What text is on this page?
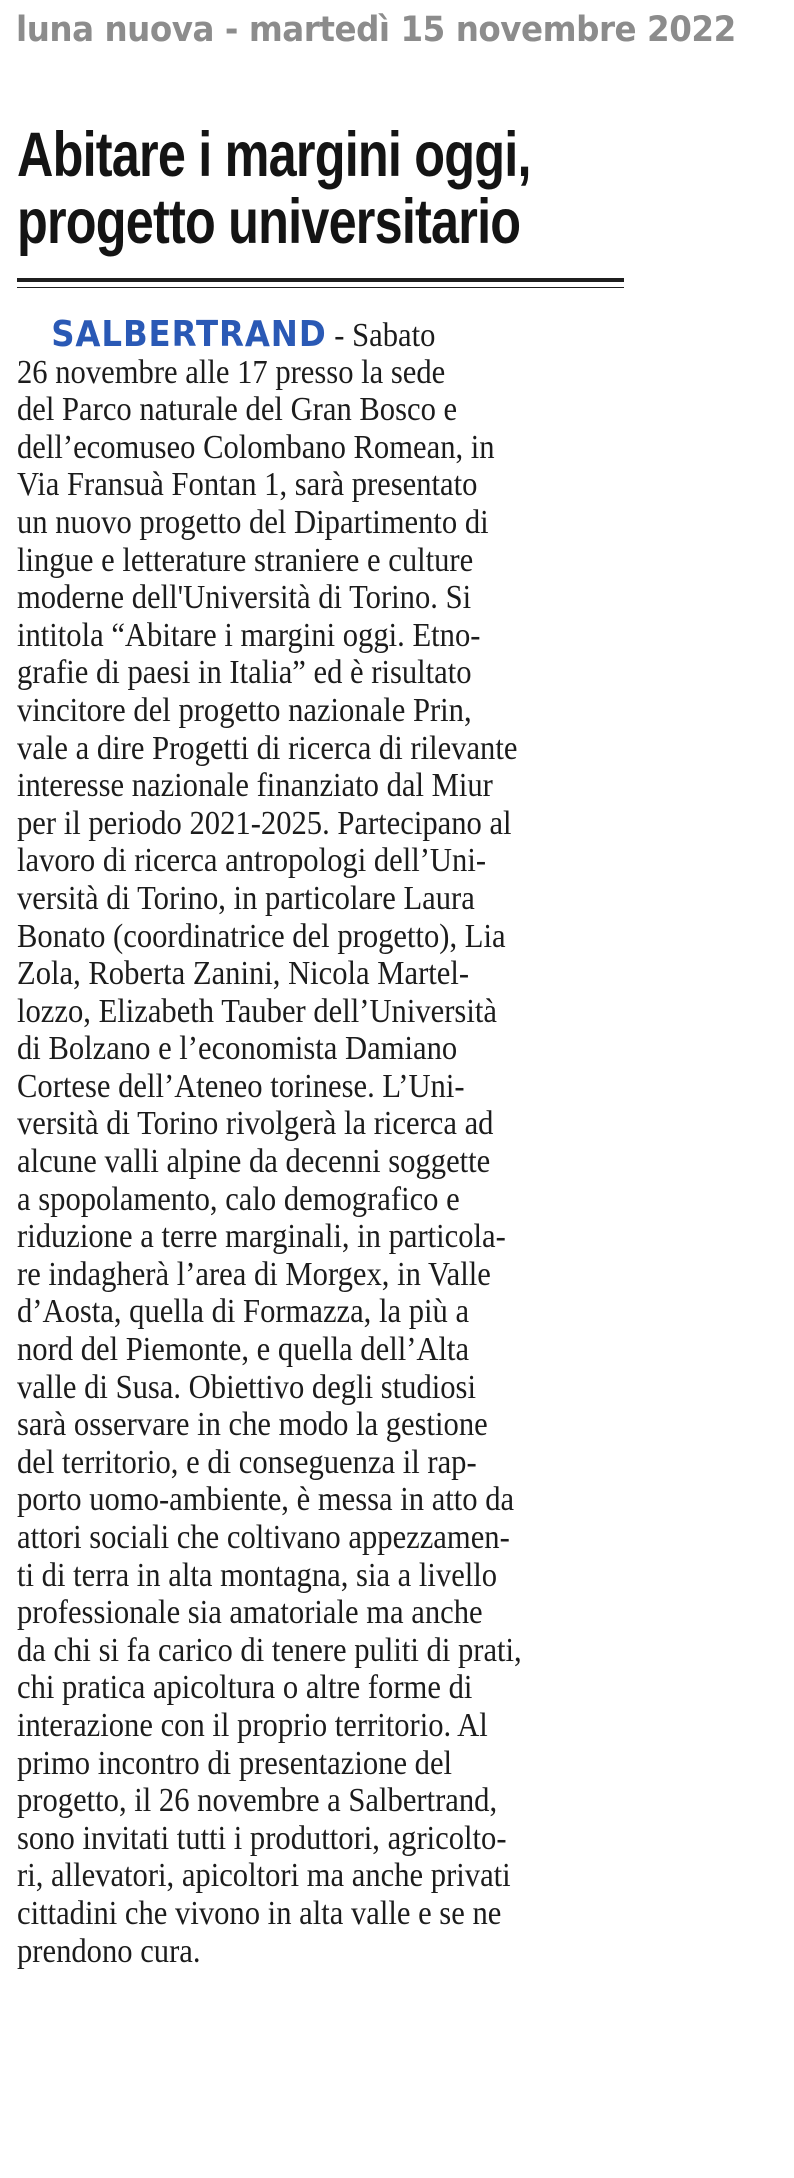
luna nuova - martedì 15 novembre 2022
Abitare i margini oggi,
progetto universitario
SALBERTRAND - Sabato
26 novembre alle 17 presso la sede
del Parco naturale del Gran Bosco e
dell’ecomuseo Colombano Romean, in
Via Fransuà Fontan 1, sarà presentato
un nuovo progetto del Dipartimento di
lingue e letterature straniere e culture
moderne dell'Università di Torino. Si
intitola “Abitare i margini oggi. Etno-
grafie di paesi in Italia” ed è risultato
vincitore del progetto nazionale Prin,
vale a dire Progetti di ricerca di rilevante
interesse nazionale finanziato dal Miur
per il periodo 2021-2025. Partecipano al
lavoro di ricerca antropologi dell’Uni-
versità di Torino, in particolare Laura
Bonato (coordinatrice del progetto), Lia
Zola, Roberta Zanini, Nicola Martel-
lozzo, Elizabeth Tauber dell’Università
di Bolzano e l’economista Damiano
Cortese dell’Ateneo torinese. L’Uni-
versità di Torino rivolgerà la ricerca ad
alcune valli alpine da decenni soggette
a spopolamento, calo demografico e
riduzione a terre marginali, in particola-
re indagherà l’area di Morgex, in Valle
d’Aosta, quella di Formazza, la più a
nord del Piemonte, e quella dell’Alta
valle di Susa. Obiettivo degli studiosi
sarà osservare in che modo la gestione
del territorio, e di conseguenza il rap-
porto uomo-ambiente, è messa in atto da
attori sociali che coltivano appezzamen-
ti di terra in alta montagna, sia a livello
professionale sia amatoriale ma anche
da chi si fa carico di tenere puliti di prati,
chi pratica apicoltura o altre forme di
interazione con il proprio territorio. Al
primo incontro di presentazione del
progetto, il 26 novembre a Salbertrand,
sono invitati tutti i produttori, agricolto-
ri, allevatori, apicoltori ma anche privati
cittadini che vivono in alta valle e se ne
prendono cura.
